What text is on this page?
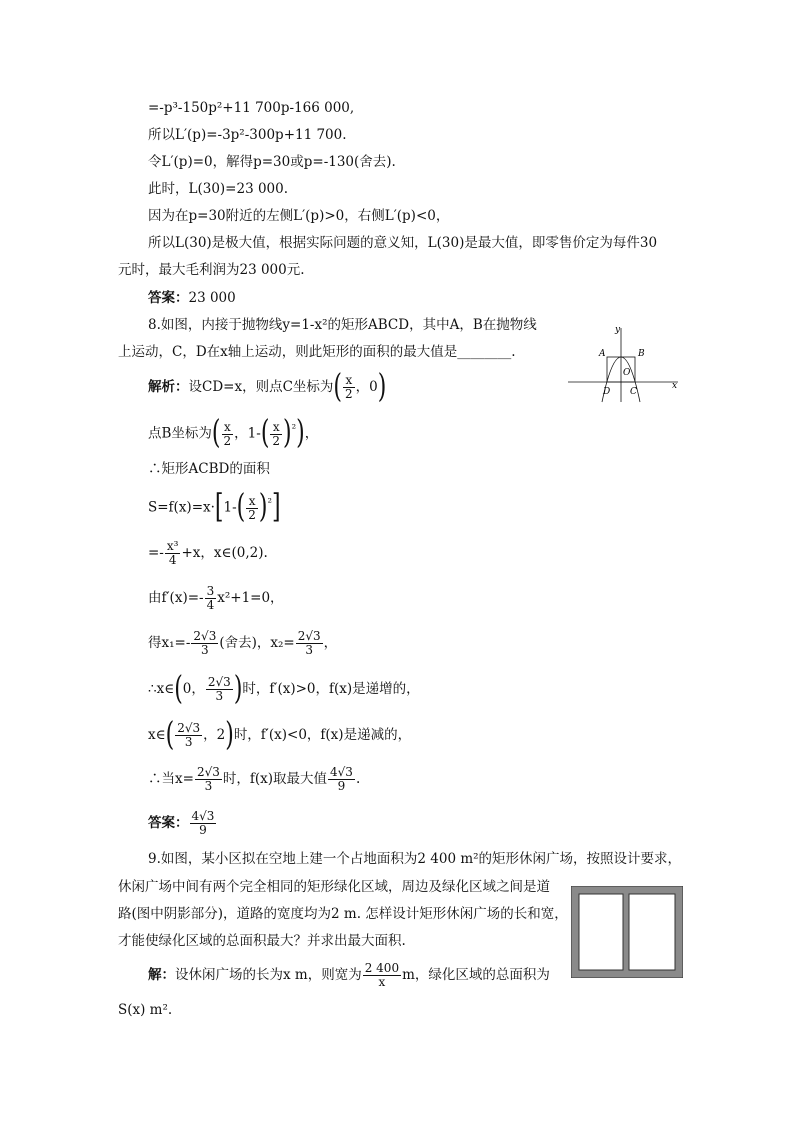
=-p³-150p²+11 700p-166 000,
所以L′(p)=-3p²-300p+11 700.
令L′(p)=0，解得p=30或p=-130(舍去).
此时，L(30)=23 000.
因为在p=30附近的左侧L′(p)>0，右侧L′(p)<0，
所以L(30)是极大值，根据实际问题的意义知，L(30)是最大值，即零售价定为每件30
元时，最大毛利润为23 000元.
答案：23 000
8.如图，内接于抛物线y=1-x²的矩形ABCD，其中A，B在抛物线
上运动，C，D在x轴上运动，则此矩形的面积的最大值是________.
y
x
A	B
D C
O
解析：设CD=x，则点C坐标为( $\frac{x}{2}$ ，0)
点B坐标为( $\frac{x}{2}$ ，$1-( \frac{x}{2} )^{^2}$)，
∴矩形ACBD的面积
$S=f(x)=x\cdot[1-( \frac{x}{2} )^{^2}]$
=- $\frac{\text{x³}}{4} +x$，x∈(0,2).
由$f'(x)=- \frac{3}{4} x^2+1=0$，
得$x_1=- \frac{2√3}{3}$ (舍去)，$x_2= \frac{2√3}{3}$ ，
∴x∈(0， $\frac{2√3}{3}$ )时，f′(x)>0，f(x)是递增的，
x∈( $\frac{2√3}{3}$ ，2)时，f′(x)<0，f(x)是递减的，
∴当$x= \frac{2√3}{3}$ 时，f(x)取最大值 $\frac{4√3}{9}$ .
答案： $\frac{4√3}{9}$
9.如图，某小区拟在空地上建一个占地面积为2 400 m²的矩形休闲广场，按照设计要求，
休闲广场中间有两个完全相同的矩形绿化区域，周边及绿化区域之间是道
路(图中阴影部分)，道路的宽度均为2 m. 怎样设计矩形休闲广场的长和宽，
才能使绿化区域的总面积最大？并求出最大面积.
解：设休闲广场的长为x m，则宽为 $\frac{2 400}{x}$ m，绿化区域的总面积为
S(x) m².
